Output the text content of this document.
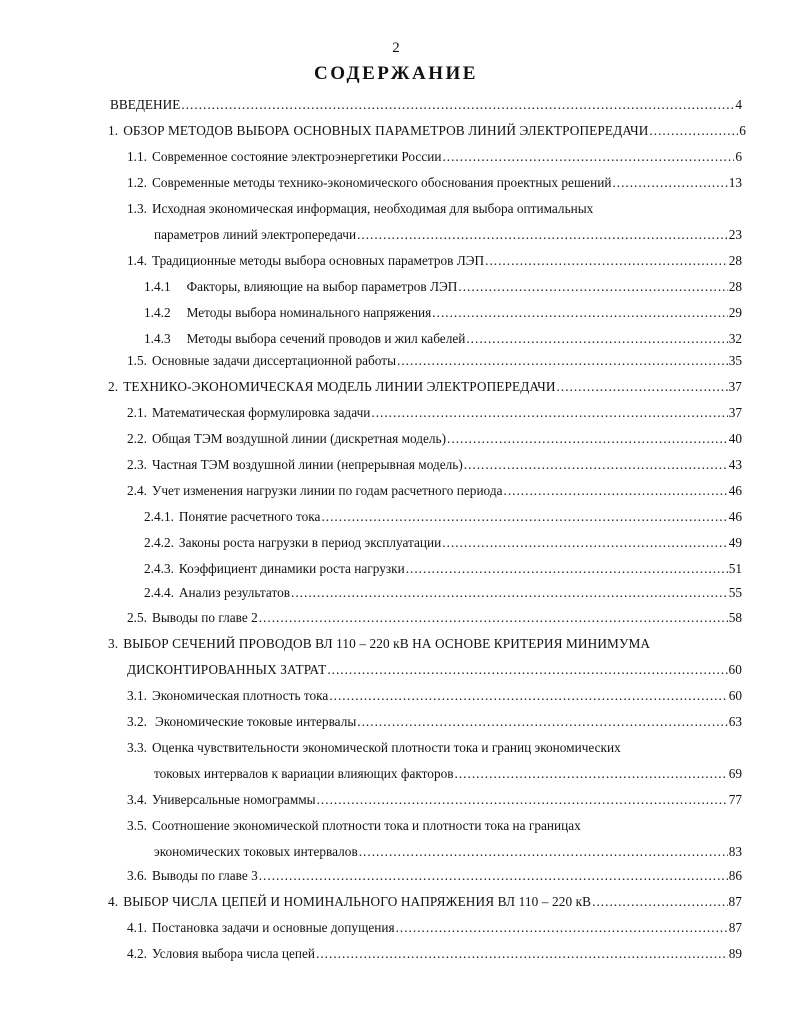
2
СОДЕРЖАНИЕ
ВВЕДЕНИЕ .....	4
1. ОБЗОР МЕТОДОВ ВЫБОРА ОСНОВНЫХ ПАРАМЕТРОВ ЛИНИЙ ЭЛЕКТРОПЕРЕДАЧИ .....	6
1.1. Современное состояние электроэнергетики России .....	6
1.2. Современные методы технико-экономического обоснования проектных решений .....	13
1.3. Исходная экономическая информация, необходимая для выбора оптимальных
параметров линий электропередачи .....	23
1.4. Традиционные методы выбора основных параметров ЛЭП .....	28
1.4.1 Факторы, влияющие на выбор параметров ЛЭП .....	28
1.4.2 Методы выбора номинального напряжения .....	29
1.4.3 Методы выбора сечений проводов и жил кабелей .....	32
1.5. Основные задачи диссертационной работы .....	35
2. ТЕХНИКО-ЭКОНОМИЧЕСКАЯ МОДЕЛЬ ЛИНИИ ЭЛЕКТРОПЕРЕДАЧИ .....	37
2.1. Математическая формулировка задачи .....	37
2.2. Общая ТЭМ воздушной линии (дискретная модель) .....	40
2.3. Частная ТЭМ воздушной линии (непрерывная модель) .....	43
2.4. Учет изменения нагрузки линии по годам расчетного периода .....	46
2.4.1. Понятие расчетного тока .....	46
2.4.2. Законы роста нагрузки в период эксплуатации .....	49
2.4.3. Коэффициент динамики роста нагрузки .....	51
2.4.4. Анализ результатов .....	55
2.5. Выводы по главе 2 .....	58
3. ВЫБОР СЕЧЕНИЙ ПРОВОДОВ ВЛ 110 – 220 кВ НА ОСНОВЕ КРИТЕРИЯ МИНИМУМА
ДИСКОНТИРОВАННЫХ ЗАТРАТ .....	60
3.1. Экономическая плотность тока .....	60
3.2. Экономические токовые интервалы .....	63
3.3. Оценка чувствительности экономической плотности тока и границ экономических
токовых интервалов к вариации влияющих факторов .....	69
3.4. Универсальные номограммы .....	77
3.5. Соотношение экономической плотности тока и плотности тока на границах
экономических токовых интервалов .....	83
3.6. Выводы по главе 3 .....	86
4. ВЫБОР ЧИСЛА ЦЕПЕЙ И НОМИНАЛЬНОГО НАПРЯЖЕНИЯ ВЛ 110 – 220 кВ .....	87
4.1. Постановка задачи и основные допущения .....	87
4.2. Условия выбора числа цепей .....	89
